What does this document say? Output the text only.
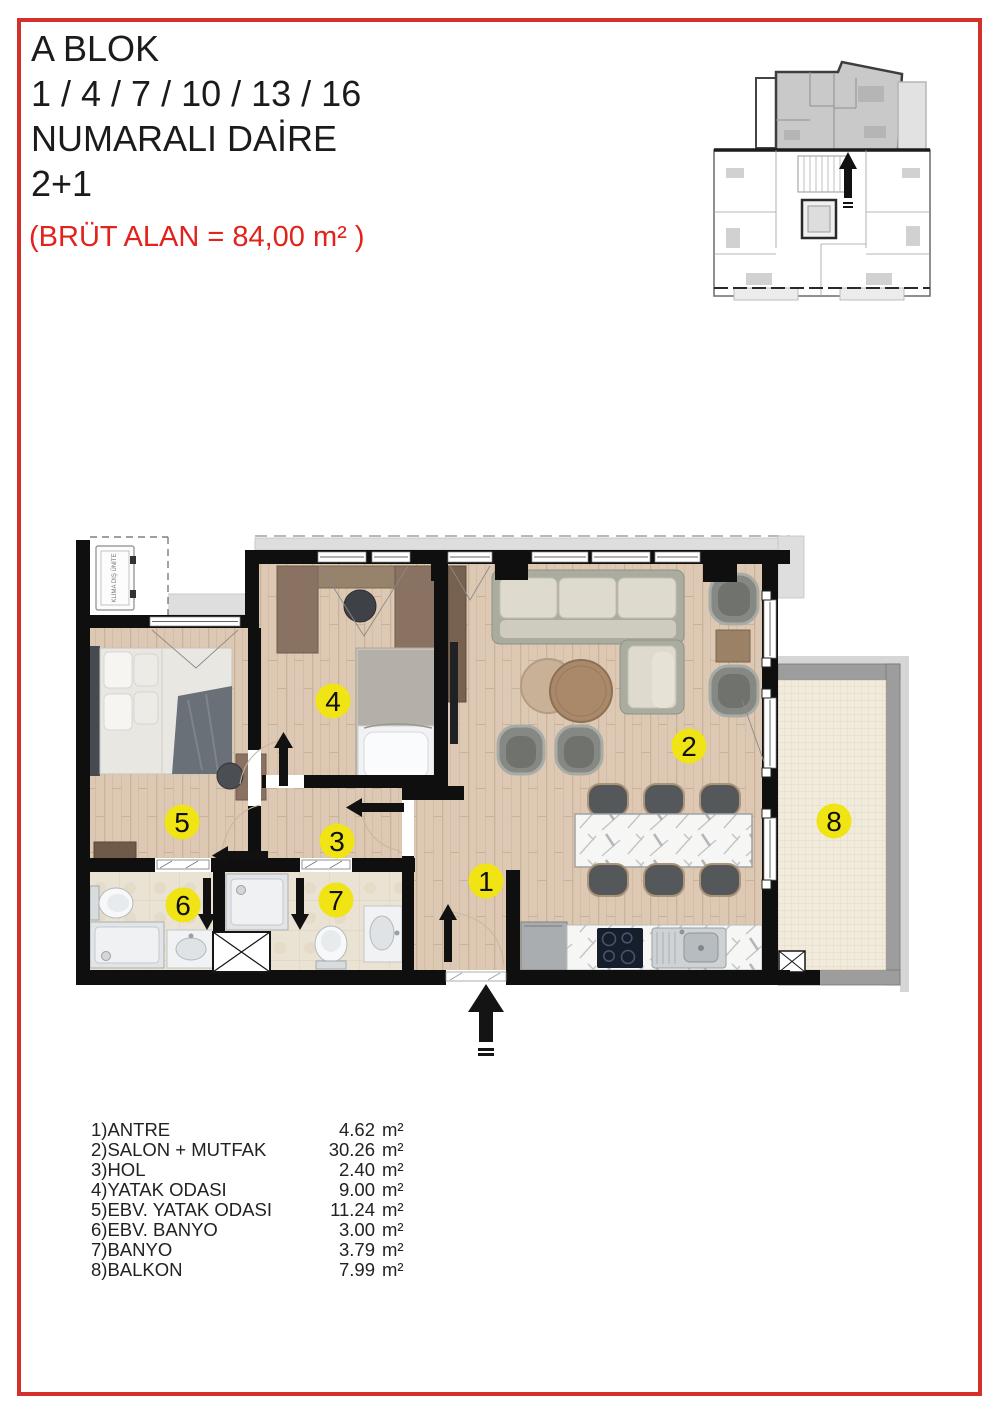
A BLOK

1 / 4 / 7 / 10 / 13 / 16

NUMARALI DAİRE

2+1

(BRÜT ALAN = 84,00 m² )
KLİMA DIŞ ÜNİTE
1
2
3
4
5
6	7
8
1)ANTRE	4.62 m²
2)SALON + MUTFAK	30.26 m²
3)HOL	2.40 m²
4)YATAK ODASI	9.00 m²
5)EBV. YATAK ODASI	11.24 m²
6)EBV. BANYO	3.00 m²
7)BANYO	3.79 m²
8)BALKON	7.99 m²
